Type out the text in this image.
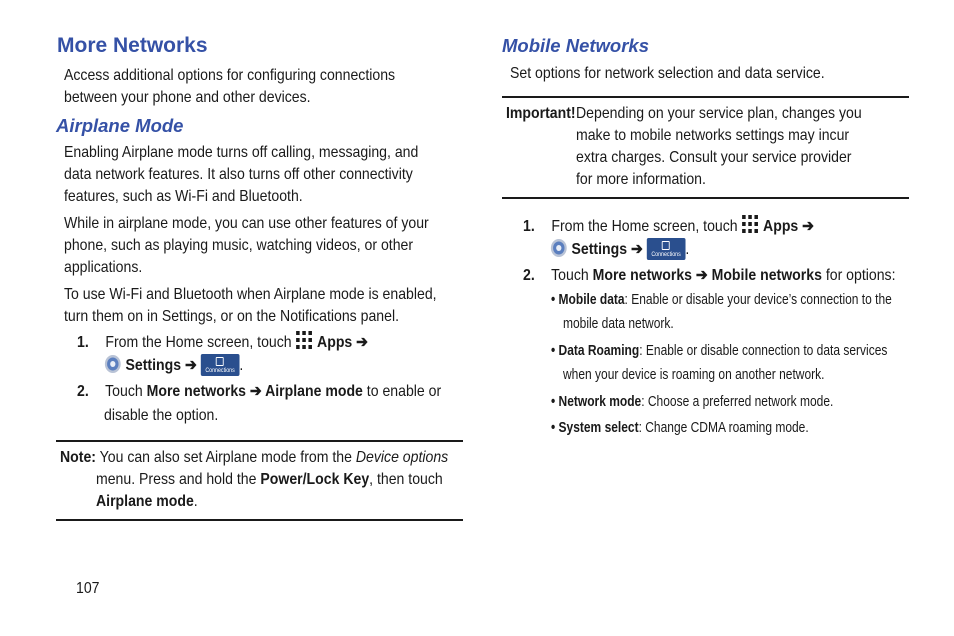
More Networks
Access additional options for configuring connections
between your phone and other devices.
Airplane Mode
Enabling Airplane mode turns off calling, messaging, and
data network features. It also turns off other connectivity
features, such as Wi-Fi and Bluetooth.
While in airplane mode, you can use other features of your
phone, such as playing music, watching videos, or other
applications.
To use Wi-Fi and Bluetooth when Airplane mode is enabled,
turn them on in Settings, or on the Notifications panel.
1. From the Home screen, touch Apps ➔
Settings ➔	Connections .
2. Touch More networks ➔ Airplane mode to enable or
disable the option.
Note: You can also set Airplane mode from the Device options
menu. Press and hold the Power/Lock Key, then touch
Airplane mode.
107
Mobile Networks
Set options for network selection and data service.
Important! Depending on your service plan, changes you
make to mobile networks settings may incur
extra charges. Consult your service provider
for more information.
1. From the Home screen, touch Apps ➔
Settings ➔	Connections .
2. Touch More networks ➔ Mobile networks for options:
• Mobile data: Enable or disable your device’s connection to the
mobile data network.
• Data Roaming: Enable or disable connection to data services
when your device is roaming on another network.
• Network mode: Choose a preferred network mode.
• System select: Change CDMA roaming mode.
